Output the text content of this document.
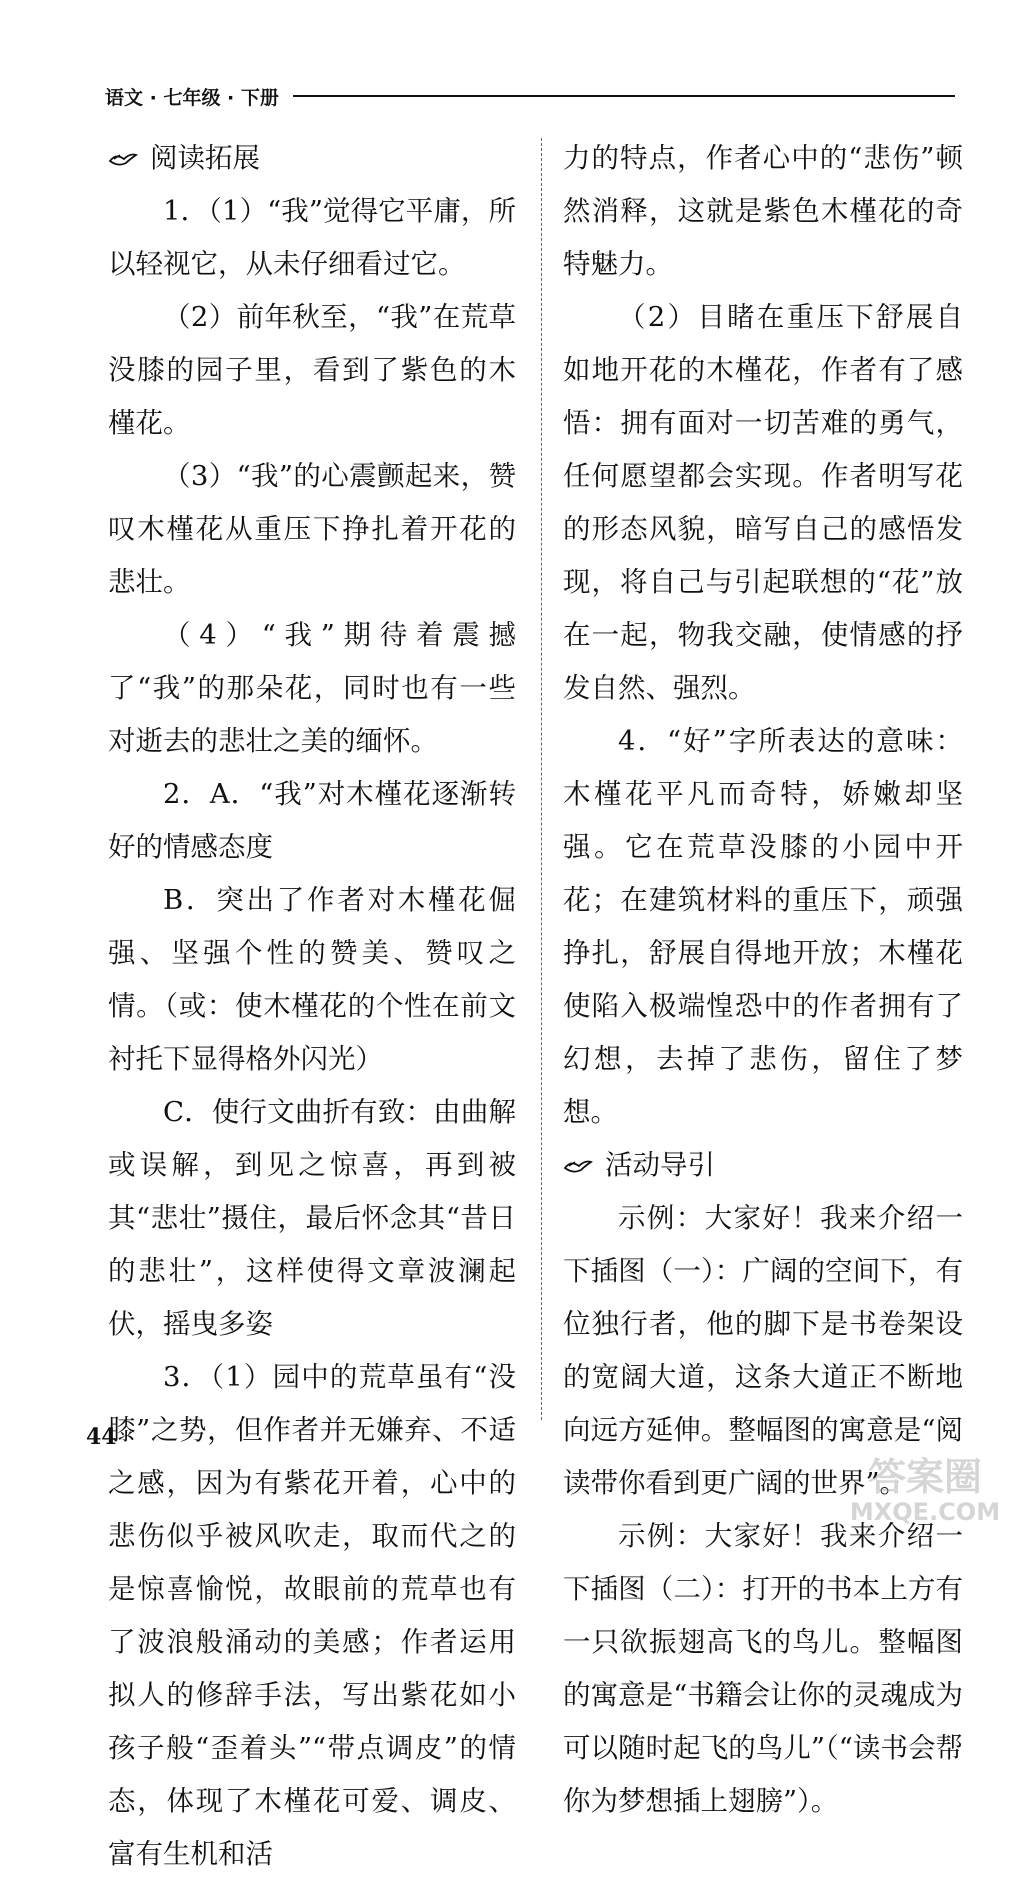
语文 · 七年级 · 下册

阅读拓展

1．（1）“我”觉得它平庸，所以轻视它，从未仔细看过它。

（2）前年秋至，“我”在荒草没膝的园子里，看到了紫色的木槿花。

（3）“我”的心震颤起来，赞叹木槿花从重压下挣扎着开花的悲壮。

（4）“我”期待着震撼了“我”的那朵花，同时也有一些对逝去的悲壮之美的缅怀。

2．A．“我”对木槿花逐渐转好的情感态度

B．突出了作者对木槿花倔强、坚强个性的赞美、赞叹之情。（或：使木槿花的个性在前文衬托下显得格外闪光）

C．使行文曲折有致：由曲解或误解，到见之惊喜，再到被其“悲壮”摄住，最后怀念其“昔日的悲壮”，这样使得文章波澜起伏，摇曳多姿

3．（1）园中的荒草虽有“没膝”之势，但作者并无嫌弃、不适之感，因为有紫花开着，心中的悲伤似乎被风吹走，取而代之的是惊喜愉悦，故眼前的荒草也有了波浪般涌动的美感；作者运用拟人的修辞手法，写出紫花如小孩子般“歪着头”“带点调皮”的情态，体现了木槿花可爱、调皮、富有生机和活

力的特点，作者心中的“悲伤”顿然消释，这就是紫色木槿花的奇特魅力。

（2）目睹在重压下舒展自如地开花的木槿花，作者有了感悟：拥有面对一切苦难的勇气，任何愿望都会实现。作者明写花的形态风貌，暗写自己的感悟发现，将自己与引起联想的“花”放在一起，物我交融，使情感的抒发自然、强烈。

4．“好”字所表达的意味：木槿花平凡而奇特，娇嫩却坚强。它在荒草没膝的小园中开花；在建筑材料的重压下，顽强挣扎，舒展自得地开放；木槿花使陷入极端惶恐中的作者拥有了幻想，去掉了悲伤，留住了梦想。

活动导引

示例：大家好！我来介绍一下插图（一）：广阔的空间下，有位独行者，他的脚下是书卷架设的宽阔大道，这条大道正不断地向远方延伸。整幅图的寓意是“阅读带你看到更广阔的世界”。

示例：大家好！我来介绍一下插图（二）：打开的书本上方有一只欲振翅高飞的鸟儿。整幅图的寓意是“书籍会让你的灵魂成为可以随时起飞的鸟儿”（“读书会帮你为梦想插上翅膀”）。

44
答案圈
MXQE.COM
